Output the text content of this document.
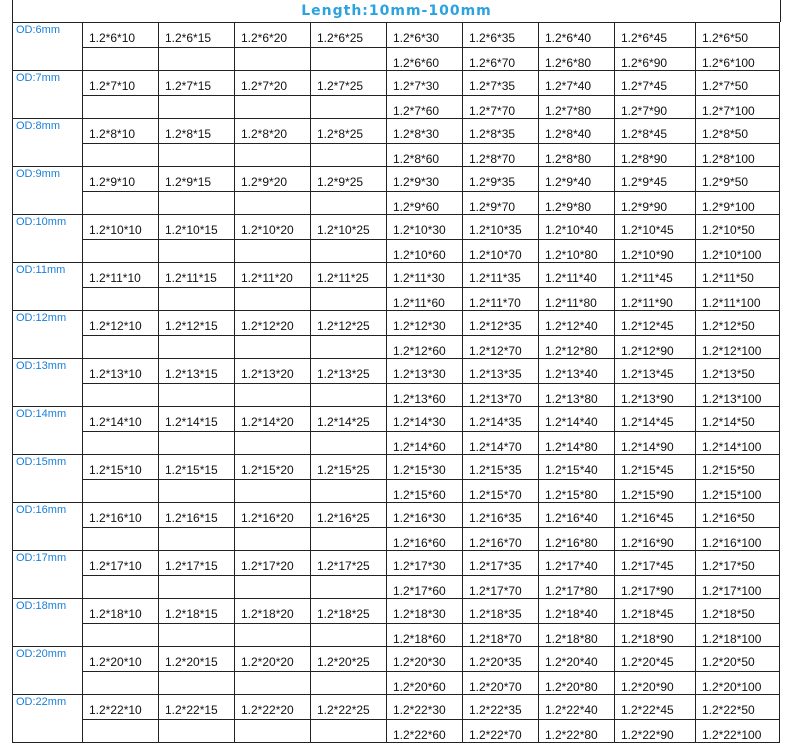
Length:10mm-100mm
OD:6mm	1.2*6*10	1.2*6*15	1.2*6*20	1.2*6*25	1.2*6*30	1.2*6*35	1.2*6*40	1.2*6*45	1.2*6*50
					1.2*6*60	1.2*6*70	1.2*6*80	1.2*6*90	1.2*6*100
OD:7mm	1.2*7*10	1.2*7*15	1.2*7*20	1.2*7*25	1.2*7*30	1.2*7*35	1.2*7*40	1.2*7*45	1.2*7*50
					1.2*7*60	1.2*7*70	1.2*7*80	1.2*7*90	1.2*7*100
OD:8mm	1.2*8*10	1.2*8*15	1.2*8*20	1.2*8*25	1.2*8*30	1.2*8*35	1.2*8*40	1.2*8*45	1.2*8*50
					1.2*8*60	1.2*8*70	1.2*8*80	1.2*8*90	1.2*8*100
OD:9mm	1.2*9*10	1.2*9*15	1.2*9*20	1.2*9*25	1.2*9*30	1.2*9*35	1.2*9*40	1.2*9*45	1.2*9*50
					1.2*9*60	1.2*9*70	1.2*9*80	1.2*9*90	1.2*9*100
OD:10mm	1.2*10*10	1.2*10*15	1.2*10*20	1.2*10*25	1.2*10*30	1.2*10*35	1.2*10*40	1.2*10*45	1.2*10*50
					1.2*10*60	1.2*10*70	1.2*10*80	1.2*10*90	1.2*10*100
OD:11mm	1.2*11*10	1.2*11*15	1.2*11*20	1.2*11*25	1.2*11*30	1.2*11*35	1.2*11*40	1.2*11*45	1.2*11*50
					1.2*11*60	1.2*11*70	1.2*11*80	1.2*11*90	1.2*11*100
OD:12mm	1.2*12*10	1.2*12*15	1.2*12*20	1.2*12*25	1.2*12*30	1.2*12*35	1.2*12*40	1.2*12*45	1.2*12*50
					1.2*12*60	1.2*12*70	1.2*12*80	1.2*12*90	1.2*12*100
OD:13mm	1.2*13*10	1.2*13*15	1.2*13*20	1.2*13*25	1.2*13*30	1.2*13*35	1.2*13*40	1.2*13*45	1.2*13*50
					1.2*13*60	1.2*13*70	1.2*13*80	1.2*13*90	1.2*13*100
OD:14mm	1.2*14*10	1.2*14*15	1.2*14*20	1.2*14*25	1.2*14*30	1.2*14*35	1.2*14*40	1.2*14*45	1.2*14*50
					1.2*14*60	1.2*14*70	1.2*14*80	1.2*14*90	1.2*14*100
OD:15mm	1.2*15*10	1.2*15*15	1.2*15*20	1.2*15*25	1.2*15*30	1.2*15*35	1.2*15*40	1.2*15*45	1.2*15*50
					1.2*15*60	1.2*15*70	1.2*15*80	1.2*15*90	1.2*15*100
OD:16mm	1.2*16*10	1.2*16*15	1.2*16*20	1.2*16*25	1.2*16*30	1.2*16*35	1.2*16*40	1.2*16*45	1.2*16*50
					1.2*16*60	1.2*16*70	1.2*16*80	1.2*16*90	1.2*16*100
OD:17mm	1.2*17*10	1.2*17*15	1.2*17*20	1.2*17*25	1.2*17*30	1.2*17*35	1.2*17*40	1.2*17*45	1.2*17*50
					1.2*17*60	1.2*17*70	1.2*17*80	1.2*17*90	1.2*17*100
OD:18mm	1.2*18*10	1.2*18*15	1.2*18*20	1.2*18*25	1.2*18*30	1.2*18*35	1.2*18*40	1.2*18*45	1.2*18*50
					1.2*18*60	1.2*18*70	1.2*18*80	1.2*18*90	1.2*18*100
OD:20mm	1.2*20*10	1.2*20*15	1.2*20*20	1.2*20*25	1.2*20*30	1.2*20*35	1.2*20*40	1.2*20*45	1.2*20*50
					1.2*20*60	1.2*20*70	1.2*20*80	1.2*20*90	1.2*20*100
OD:22mm	1.2*22*10	1.2*22*15	1.2*22*20	1.2*22*25	1.2*22*30	1.2*22*35	1.2*22*40	1.2*22*45	1.2*22*50
					1.2*22*60	1.2*22*70	1.2*22*80	1.2*22*90	1.2*22*100
